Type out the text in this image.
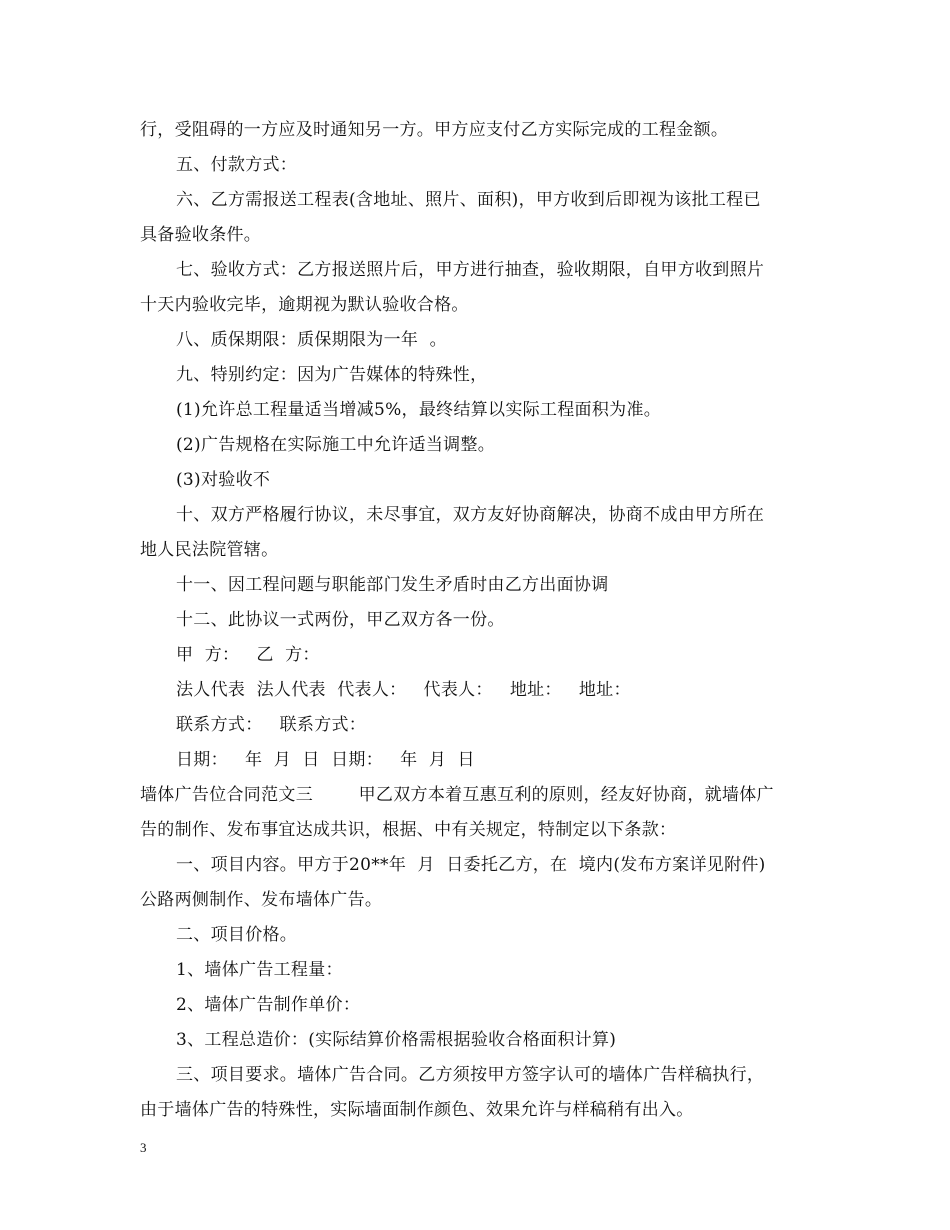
行，受阻碍的一方应及时通知另一方。甲方应支付乙方实际完成的工程金额。
五、付款方式：
六、乙方需报送工程表(含地址、照片、面积)，甲方收到后即视为该批工程已
具备验收条件。
七、验收方式：乙方报送照片后，甲方进行抽查，验收期限，自甲方收到照片
十天内验收完毕，逾期视为默认验收合格。
八、质保期限：质保期限为一年  。
九、特别约定：因为广告媒体的特殊性，
(1)允许总工程量适当增减5%，最终结算以实际工程面积为准。
(2)广告规格在实际施工中允许适当调整。
(3)对验收不
十、双方严格履行协议，未尽事宜，双方友好协商解决，协商不成由甲方所在
地人民法院管辖。
十一、因工程问题与职能部门发生矛盾时由乙方出面协调
十二、此协议一式两份，甲乙双方各一份。
甲  方：   乙  方：
法人代表  法人代表  代表人：   代表人：   地址：   地址：
联系方式：   联系方式：
日期：   年  月  日  日期：   年  月  日
墙体广告位合同范文三        甲乙双方本着互惠互利的原则，经友好协商，就墙体广
告的制作、发布事宜达成共识，根据、中有关规定，特制定以下条款：
一、项目内容。甲方于20**年  月  日委托乙方，在  境内(发布方案详见附件)
公路两侧制作、发布墙体广告。
二、项目价格。
1、墙体广告工程量：
2、墙体广告制作单价：
3、工程总造价：(实际结算价格需根据验收合格面积计算)
三、项目要求。墙体广告合同。乙方须按甲方签字认可的墙体广告样稿执行，
由于墙体广告的特殊性，实际墙面制作颜色、效果允许与样稿稍有出入。
3
